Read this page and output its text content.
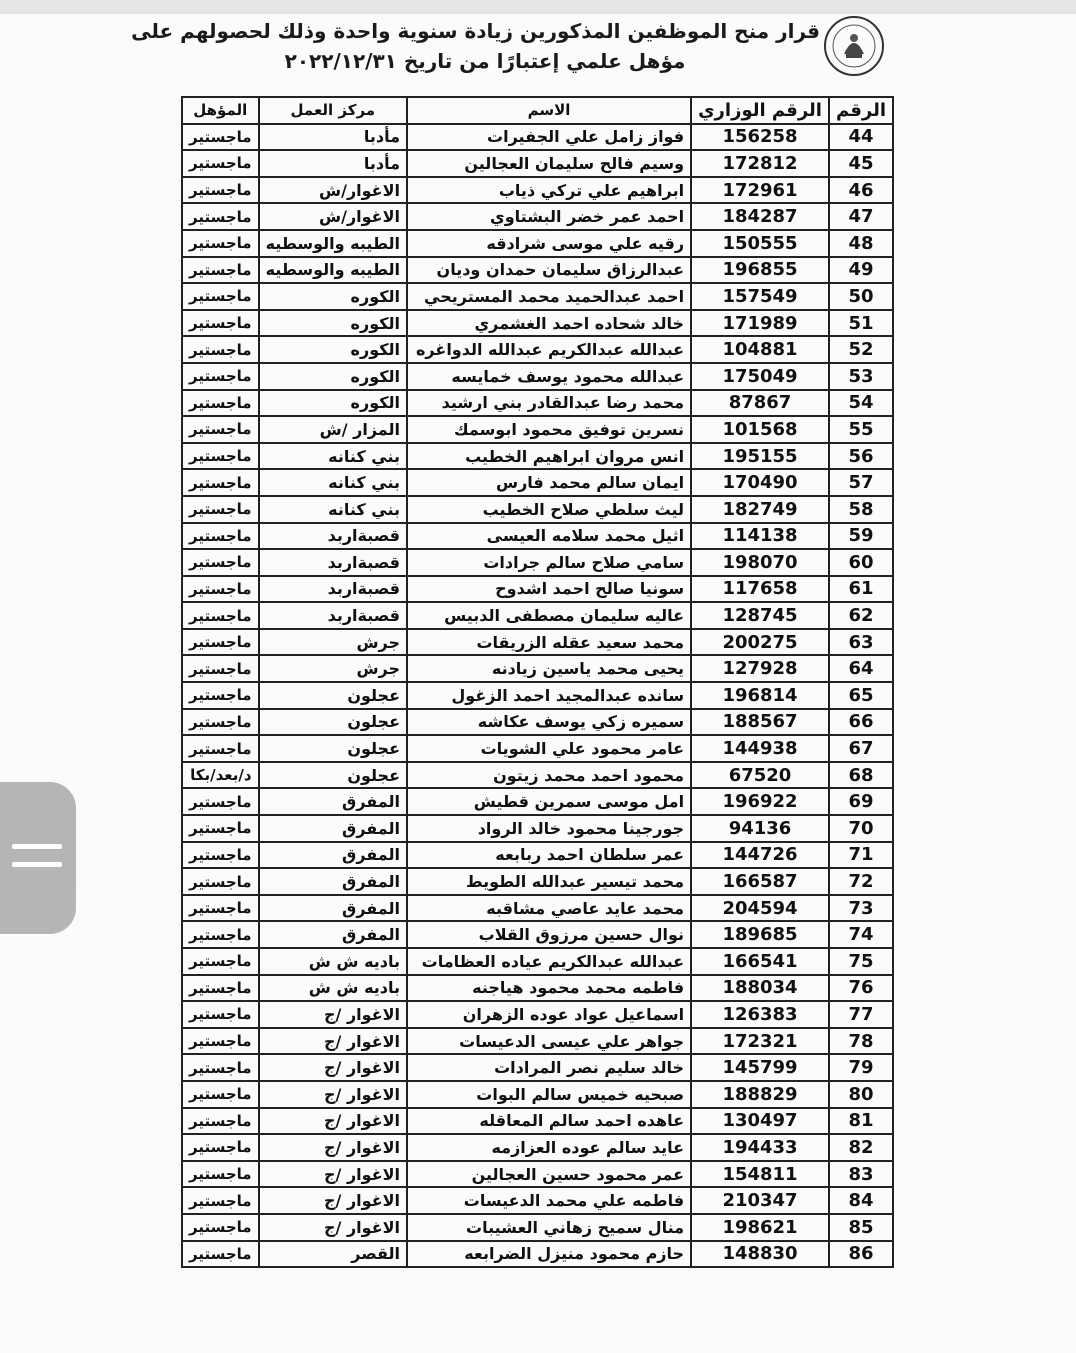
قرار منح الموظفين المذكورين زيادة سنوية واحدة وذلك لحصولهم على
مؤهل علمي إعتبارًا من تاريخ ٢٠٢٢/١٢/٣١
الرقم	الرقم الوزاري	الاسم	مركز العمل	المؤهل
44	156258	فواز زامل علي الجفيرات	مأدبا	ماجستير
45	172812	وسيم فالح سليمان العجالين	مأدبا	ماجستير
46	172961	ابراهيم علي تركي ذياب	الاغوار/ش	ماجستير
47	184287	احمد عمر خضر البشتاوي	الاغوار/ش	ماجستير
48	150555	رقيه علي موسى شرادقه	الطيبه والوسطيه	ماجستير
49	196855	عبدالرزاق سليمان حمدان وديان	الطيبه والوسطيه	ماجستير
50	157549	احمد عبدالحميد محمد المستريحي	الكوره	ماجستير
51	171989	خالد شحاده احمد الغشمري	الكوره	ماجستير
52	104881	عبدالله عبدالكريم عبدالله الدواغره	الكوره	ماجستير
53	175049	عبدالله محمود يوسف خمايسه	الكوره	ماجستير
54	87867	محمد رضا عبدالقادر بني ارشيد	الكوره	ماجستير
55	101568	نسرين توفيق محمود ابوسمك	المزار /ش	ماجستير
56	195155	انس مروان ابراهيم الخطيب	بني كنانه	ماجستير
57	170490	ايمان سالم محمد فارس	بني كنانه	ماجستير
58	182749	ليث سلطي صلاح الخطيب	بني كنانه	ماجستير
59	114138	اثيل محمد سلامه العيسى	قصبةاربد	ماجستير
60	198070	سامي صلاح سالم جرادات	قصبةاربد	ماجستير
61	117658	سونيا صالح احمد اشدوح	قصبةاربد	ماجستير
62	128745	عاليه سليمان مصطفى الدبيس	قصبةاربد	ماجستير
63	200275	محمد سعيد عقله الزريقات	جرش	ماجستير
64	127928	يحيى محمد ياسين زيادنه	جرش	ماجستير
65	196814	سانده عبدالمجيد احمد الزغول	عجلون	ماجستير
66	188567	سميره زكي يوسف عكاشه	عجلون	ماجستير
67	144938	عامر محمود علي الشويات	عجلون	ماجستير
68	67520	محمود احمد محمد زيتون	عجلون	د/بعد/بكا
69	196922	امل موسى سمرين قطيش	المفرق	ماجستير
70	94136	جورجينا محمود خالد الرواد	المفرق	ماجستير
71	144726	عمر سلطان احمد ربابعه	المفرق	ماجستير
72	166587	محمد تيسير عبدالله الطويط	المفرق	ماجستير
73	204594	محمد عايد عاصي مشاقبه	المفرق	ماجستير
74	189685	نوال حسين مرزوق القلاب	المفرق	ماجستير
75	166541	عبدالله عبدالكريم عياده العظامات	باديه ش ش	ماجستير
76	188034	فاطمه محمد محمود هياجنه	باديه ش ش	ماجستير
77	126383	اسماعيل عواد عوده الزهران	الاغوار /ج	ماجستير
78	172321	جواهر علي عيسى الدعيسات	الاغوار /ج	ماجستير
79	145799	خالد سليم نصر المرادات	الاغوار /ج	ماجستير
80	188829	صبحيه خميس سالم البوات	الاغوار /ج	ماجستير
81	130497	عاهده احمد سالم المعاقله	الاغوار /ج	ماجستير
82	194433	عايد سالم عوده العزازمه	الاغوار /ج	ماجستير
83	154811	عمر محمود حسين العجالين	الاغوار /ج	ماجستير
84	210347	فاطمه علي محمد الدعيسات	الاغوار /ج	ماجستير
85	198621	منال سميح زهاني العشيبات	الاغوار /ج	ماجستير
86	148830	حازم محمود منيزل الضرابعه	القصر	ماجستير
